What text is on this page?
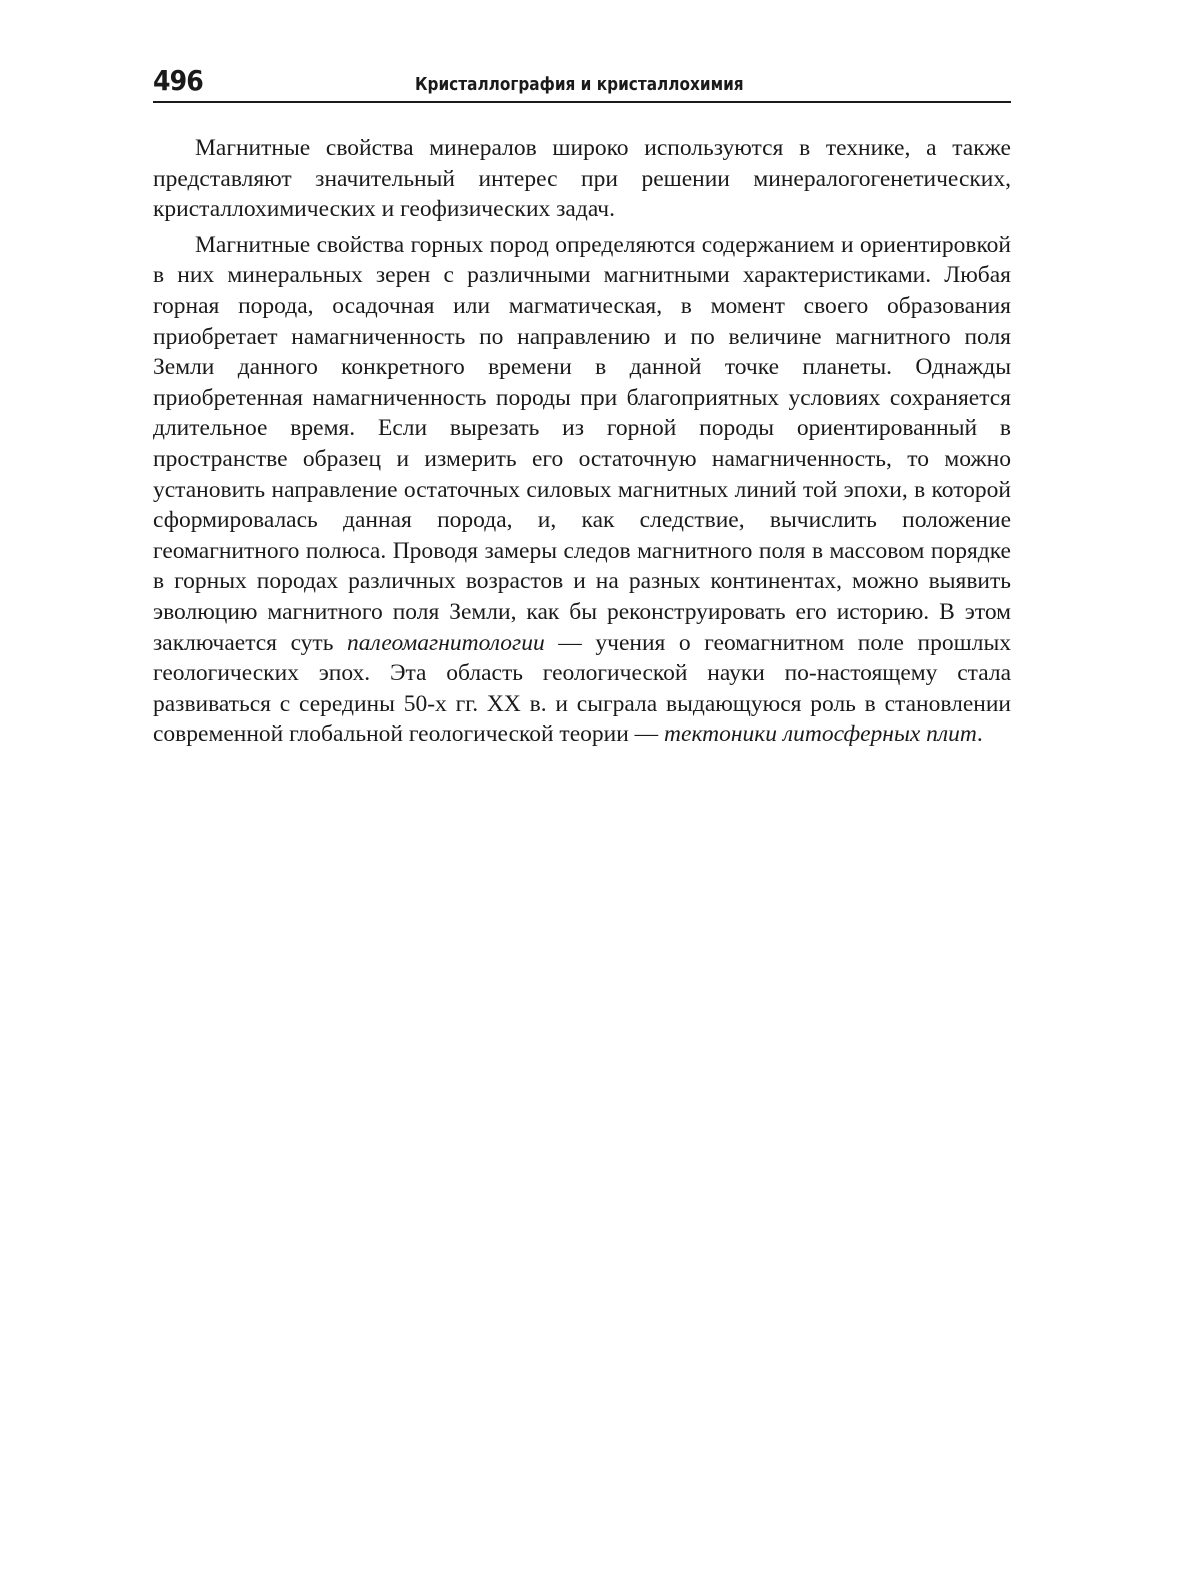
496	Кристаллография и кристаллохимия

Магнитные свойства минералов широко используются в технике, а также представляют значительный интерес при решении минералогогенетических, кристаллохимических и геофизических задач.

Магнитные свойства горных пород определяются содержанием и ориентировкой в них минеральных зерен с различными магнитными характеристиками. Любая горная порода, осадочная или магматическая, в момент своего образования приобретает намагниченность по направлению и по величине магнитного поля Земли данного конкретного времени в данной точке планеты. Однажды приобретенная намагниченность породы при благоприятных условиях сохраняется длительное время. Если вырезать из горной породы ориентированный в пространстве образец и измерить его остаточную намагниченность, то можно установить направление остаточных силовых магнитных линий той эпохи, в которой сформировалась данная порода, и, как следствие, вычислить положение геомагнитного полюса. Проводя замеры следов магнитного поля в массовом порядке в горных породах различных возрастов и на разных континентах, можно выявить эволюцию магнитного поля Земли, как бы реконструировать его историю. В этом заключается суть палеомагнитологии — учения о геомагнитном поле прошлых геологических эпох. Эта область геологической науки по-настоящему стала развиваться с середины 50-х гг. XX в. и сыграла выдающуюся роль в становлении современной глобальной геологической теории — тектоники литосферных плит.
